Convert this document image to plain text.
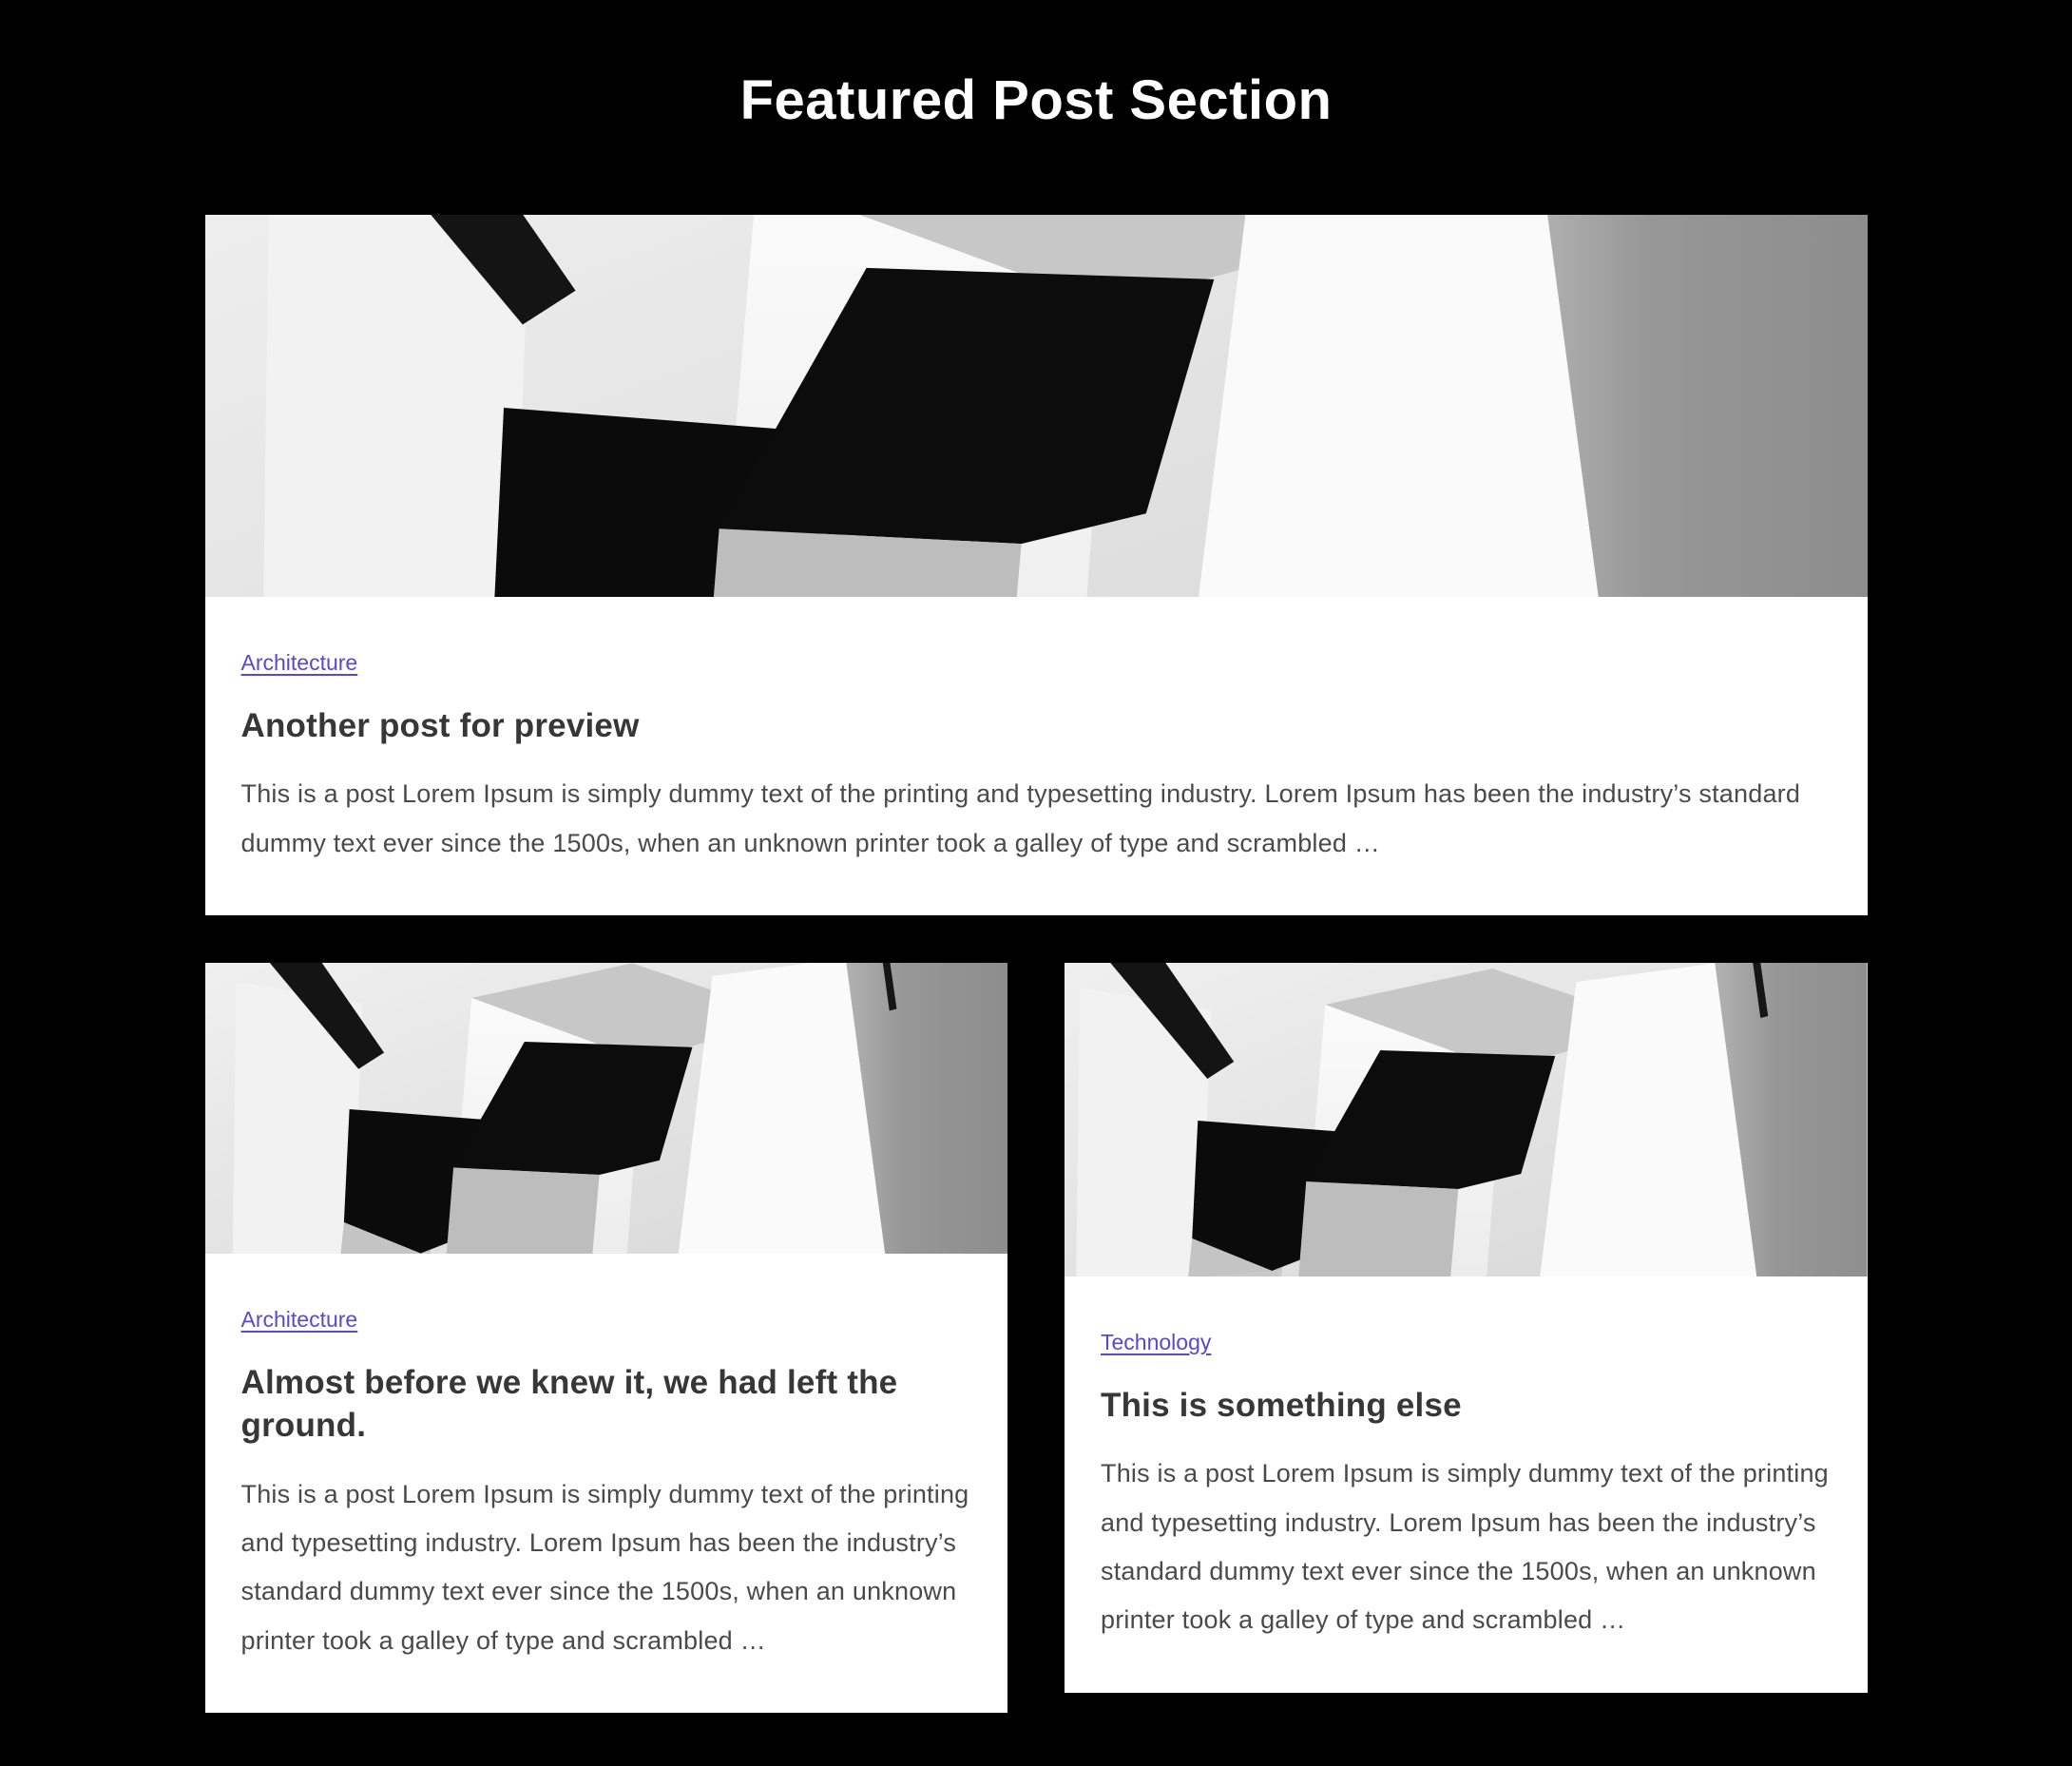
Featured Post Section
Architecture
Another post for preview

This is a post Lorem Ipsum is simply dummy text of the printing and typesetting industry. Lorem Ipsum has been the industry’s standard dummy text ever since the 1500s, when an unknown printer took a galley of type and scrambled …

Architecture
Almost before we knew it, we had left the ground.

This is a post Lorem Ipsum is simply dummy text of the printing and typesetting industry. Lorem Ipsum has been the industry’s standard dummy text ever since the 1500s, when an unknown printer took a galley of type and scrambled …

Technology
This is something else

This is a post Lorem Ipsum is simply dummy text of the printing and typesetting industry. Lorem Ipsum has been the industry’s standard dummy text ever since the 1500s, when an unknown printer took a galley of type and scrambled …
